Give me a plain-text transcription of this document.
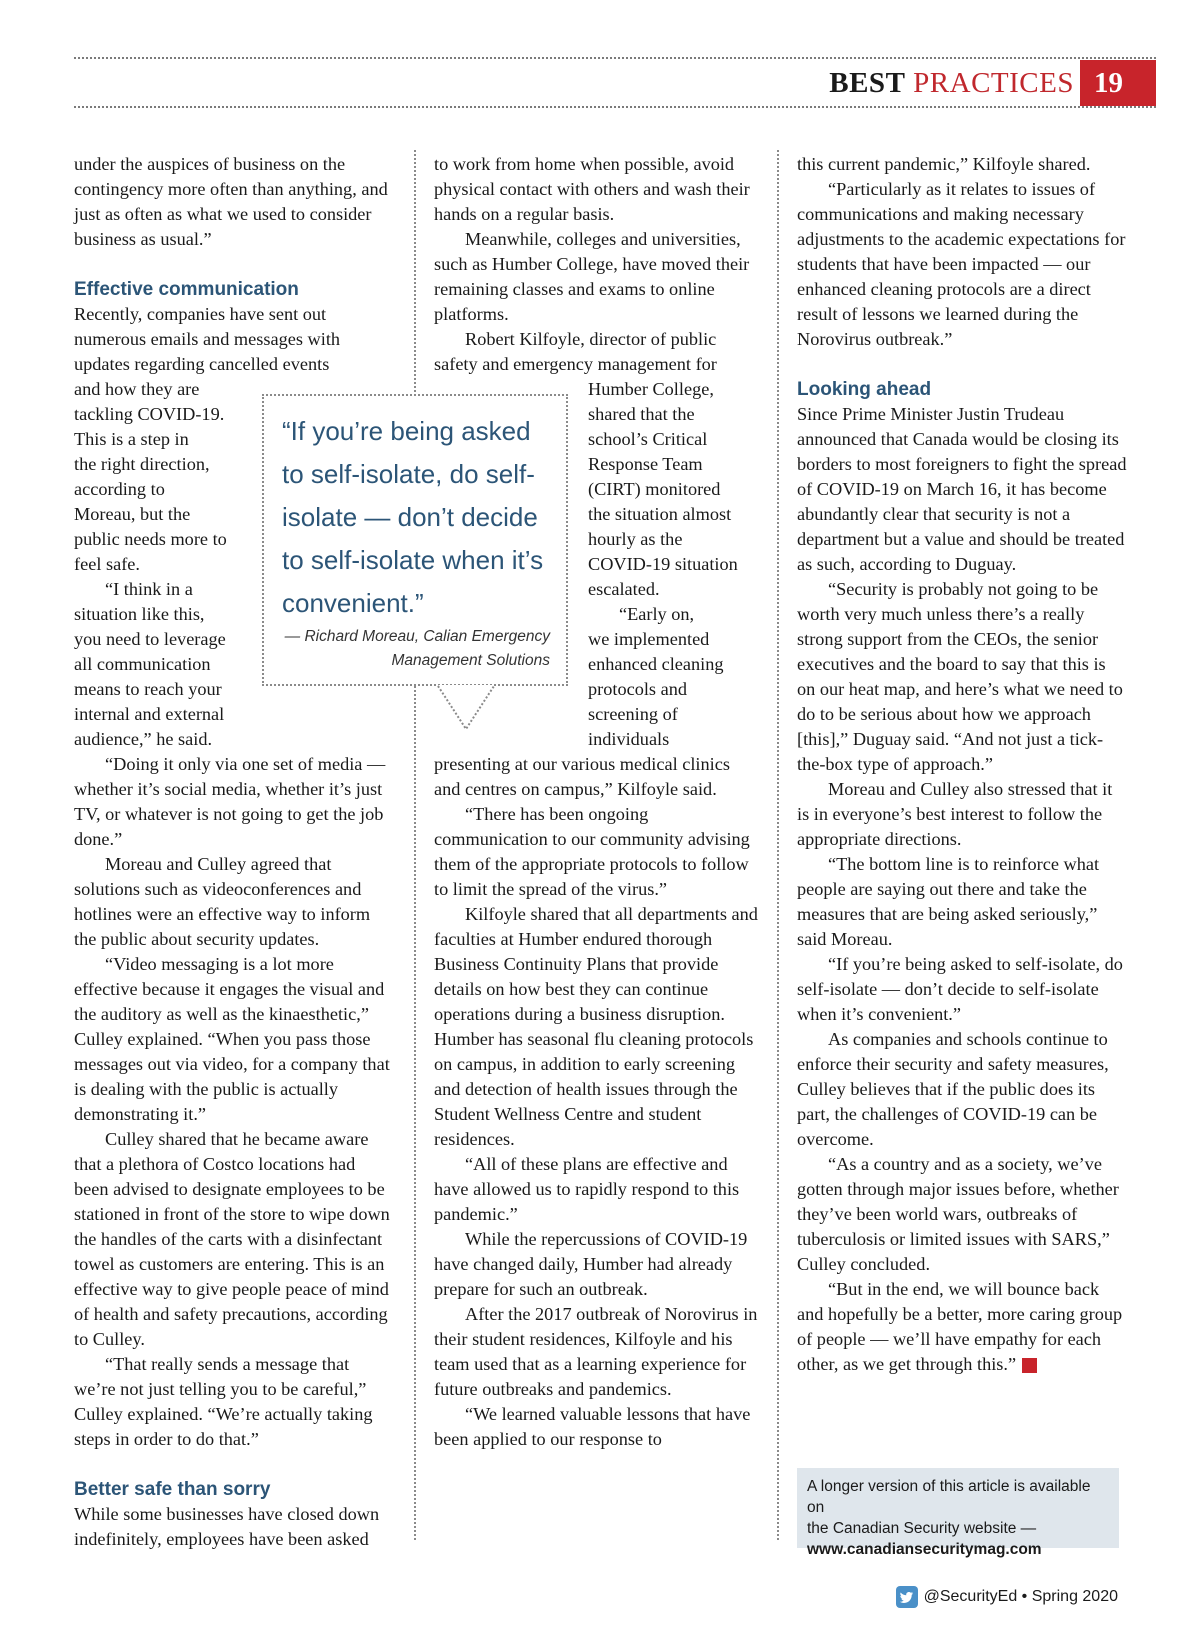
BEST PRACTICES 19

under the auspices of business on the contingency more often than anything, and just as often as what we used to consider business as usual.”

Effective communication

Recently, companies have sent out numerous emails and messages with updates regarding cancelled events

and how they are
tackling COVID-19.
This is a step in
the right direction,
according to
Moreau, but the
public needs more to
feel safe.

“I think in a
situation like this,
you need to leverage
all communication
means to reach your
internal and external
audience,” he said.

“Doing it only via one set of media — whether it’s social media, whether it’s just TV, or whatever is not going to get the job done.”

Moreau and Culley agreed that solutions such as videoconferences and hotlines were an effective way to inform the public about security updates.

“Video messaging is a lot more effective because it engages the visual and the auditory as well as the kinaesthetic,” Culley explained. “When you pass those messages out via video, for a company that is dealing with the public is actually demonstrating it.”

Culley shared that he became aware that a plethora of Costco locations had been advised to designate employees to be stationed in front of the store to wipe down the handles of the carts with a disinfectant towel as customers are entering. This is an effective way to give people peace of mind of health and safety precautions, according to Culley.

“That really sends a message that we’re not just telling you to be careful,” Culley explained. “We’re actually taking steps in order to do that.”

Better safe than sorry

While some businesses have closed down indefinitely, employees have been asked

to work from home when possible, avoid physical contact with others and wash their hands on a regular basis.

Meanwhile, colleges and universities, such as Humber College, have moved their remaining classes and exams to online platforms.

Robert Kilfoyle, director of public safety and emergency management for

Humber College,
shared that the
school’s Critical
Response Team
(CIRT) monitored
the situation almost
hourly as the
COVID-19 situation
escalated.

“Early on,
we implemented
enhanced cleaning
protocols and
screening of
individuals

presenting at our various medical clinics and centres on campus,” Kilfoyle said.

“There has been ongoing communication to our community advising them of the appropriate protocols to follow to limit the spread of the virus.”

Kilfoyle shared that all departments and faculties at Humber endured thorough Business Continuity Plans that provide details on how best they can continue operations during a business disruption. Humber has seasonal flu cleaning protocols on campus, in addition to early screening and detection of health issues through the Student Wellness Centre and student residences.

“All of these plans are effective and have allowed us to rapidly respond to this pandemic.”

While the repercussions of COVID-19 have changed daily, Humber had already prepare for such an outbreak.

After the 2017 outbreak of Norovirus in their student residences, Kilfoyle and his team used that as a learning experience for future outbreaks and pandemics.

“We learned valuable lessons that have been applied to our response to

this current pandemic,” Kilfoyle shared.

“Particularly as it relates to issues of communications and making necessary adjustments to the academic expectations for students that have been impacted — our enhanced cleaning protocols are a direct result of lessons we learned during the Norovirus outbreak.”

Looking ahead

Since Prime Minister Justin Trudeau announced that Canada would be closing its borders to most foreigners to fight the spread of COVID-19 on March 16, it has become abundantly clear that security is not a department but a value and should be treated as such, according to Duguay.

“Security is probably not going to be worth very much unless there’s a really strong support from the CEOs, the senior executives and the board to say that this is on our heat map, and here’s what we need to do to be serious about how we approach [this],” Duguay said. “And not just a tick-the-box type of approach.”

Moreau and Culley also stressed that it is in everyone’s best interest to follow the appropriate directions.

“The bottom line is to reinforce what people are saying out there and take the measures that are being asked seriously,” said Moreau.

“If you’re being asked to self-isolate, do self-isolate — don’t decide to self-isolate when it’s convenient.”

As companies and schools continue to enforce their security and safety measures, Culley believes that if the public does its part, the challenges of COVID-19 can be overcome.

“As a country and as a society, we’ve gotten through major issues before, whether they’ve been world wars, outbreaks of tuberculosis or limited issues with SARS,” Culley concluded.

“But in the end, we will bounce back and hopefully be a better, more caring group of people — we’ll have empathy for each other, as we get through this.”	CS

“If you’re being asked
to self-isolate, do self-
isolate — don’t decide
to self-isolate when it’s
convenient.”

— Richard Moreau, Calian Emergency
Management Solutions

A longer version of this article is available on
the Canadian Security website —
www.canadiansecuritymag.com
@SecurityEd • Spring 2020
